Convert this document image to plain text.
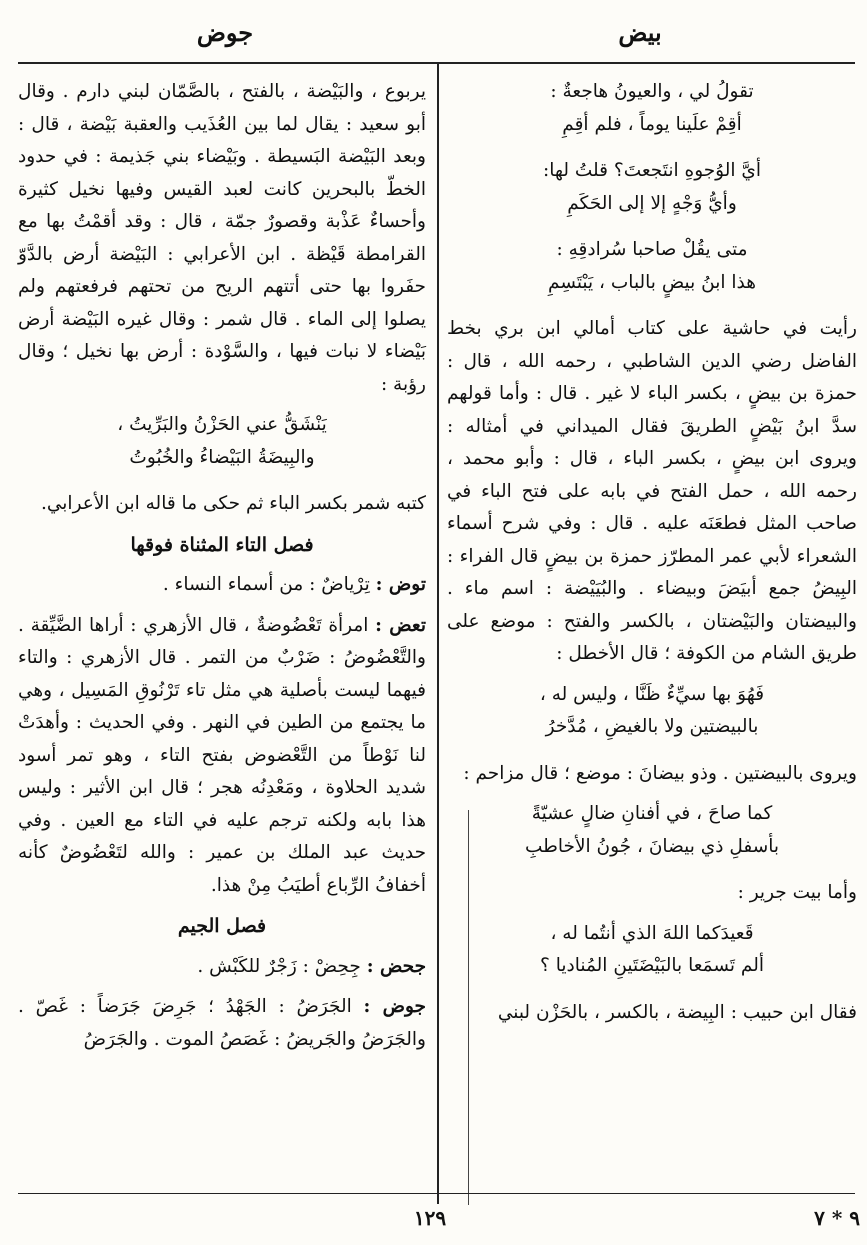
بيض
جوض
تقولُ لي ، والعيونُ هاجعةٌ :
أقِمْ علَينا يوماً ، فلم أقِمِ
أيَّ الوُجوهِ انتَجعتَ؟ قلتُ لها:
وأيُّ وَجْهٍ إلا إلى الحَكَمِ
متى يقُلْ صاحبا سُرادقِهِ :
هذا ابنُ بيضٍ بالباب ، يَبْتَسِمِ

رأيت في حاشية على كتاب أمالي ابن بري بخط الفاضل رضي الدين الشاطبي ، رحمه الله ، قال : حمزة بن بيضٍ ، بكسر الباء لا غير . قال : وأما قولهم سدَّ ابنُ بَيْضٍ الطريقَ فقال الميداني في أمثاله : ويروى ابن بيضٍ ، بكسر الباء ، قال : وأبو محمد ، رحمه الله ، حمل الفتح في بابه على فتح الباء في صاحب المثل فطعَنَه عليه . قال : وفي شرح أسماء الشعراء لأبي عمر المطرّز حمزة بن بيضٍ قال الفراء : البِيضُ جمع أبيَضَ وبيضاء . والبُيَيْضة : اسم ماء . والبيضتان والبَيْضتان ، بالكسر والفتح : موضع على طريق الشام من الكوفة ؛ قال الأخطل :

فَهُوَ بها سيِّءٌ ظَنَّا ، وليس له ،
بالبيضتين ولا بالغيضِ ، مُدَّخرُ

ويروى بالبيضتين . وذو بيضانَ : موضع ؛ قال مزاحم :

كما صاحَ ، في أفنانِ ضالٍ عشيّةً
بأسفلِ ذي بيضانَ ، جُونُ الأخاطبِ

وأما بيت جرير :

قَعيدَكما اللهَ الذي أنتُما له ،
ألم تَسمَعا بالبَيْضَتَينِ المُناديا ؟

فقال ابن حبيب : البِيضة ، بالكسر ، بالحَزْن لبني

يربوع ، والبَيْضة ، بالفتح ، بالصَّمّان لبني دارم . وقال أبو سعيد : يقال لما بين العُذَيب والعقبة بَيْضة ، قال : وبعد البَيْضة البَسيطة . وبَيْضاء بني جَذيمة : في حدود الخطّ بالبحرين كانت لعبد القيس وفيها نخيل كثيرة وأحساءٌ عَذْبة وقصورٌ جمّة ، قال : وقد أقمْتُ بها مع القرامطة قَيْظة . ابن الأعرابي : البَيْضة أرض بالدَّوّ حفَروا بها حتى أتتهم الريح من تحتهم فرفعتهم ولم يصلوا إلى الماء . قال شمر : وقال غيره البَيْضة أرض بَيْضاء لا نبات فيها ، والسَّوْدة : أرض بها نخيل ؛ وقال رؤبة :

يَنْشَقُّ عني الحَزْنُ والبَرِّيتُ ،
والبِيضَةُ البَيْضاءُ والخُبُوتُ

كتبه شمر بكسر الباء ثم حكى ما قاله ابن الأعرابي.

فصل التاء المثناة فوقها

توض : تِرْياضٌ : من أسماء النساء .

تعض : امرأة تَعْضُوضةٌ ، قال الأزهري : أراها الضَّيِّقة . والتَّعْضُوضُ : ضَرْبٌ من التمر . قال الأزهري : والتاء فيهما ليست بأصلية هي مثل تاء تَرْنُوقِ المَسِيل ، وهي ما يجتمع من الطين في النهر . وفي الحديث : وأهدَتْ لنا نَوْطاً من التَّعْضوض بفتح التاء ، وهو تمر أسود شديد الحلاوة ، ومَعْدِنُه هجر ؛ قال ابن الأثير : وليس هذا بابه ولكنه ترجم عليه في التاء مع العين . وفي حديث عبد الملك بن عمير : والله لتَعْضُوضٌ كأنه أخفافُ الرِّباع أطيَبُ مِنْ هذا.

فصل الجيم

جحض : جِحِضْ : زَجْرٌ للكَبْش .

جوض : الجَرَضُ : الجَهْدُ ؛ جَرِضَ جَرَضاً : غَصّ . والجَرَضُ والجَريضُ : غَصَصُ الموت . والجَرَضُ

١٢٩	٩ * ٧
